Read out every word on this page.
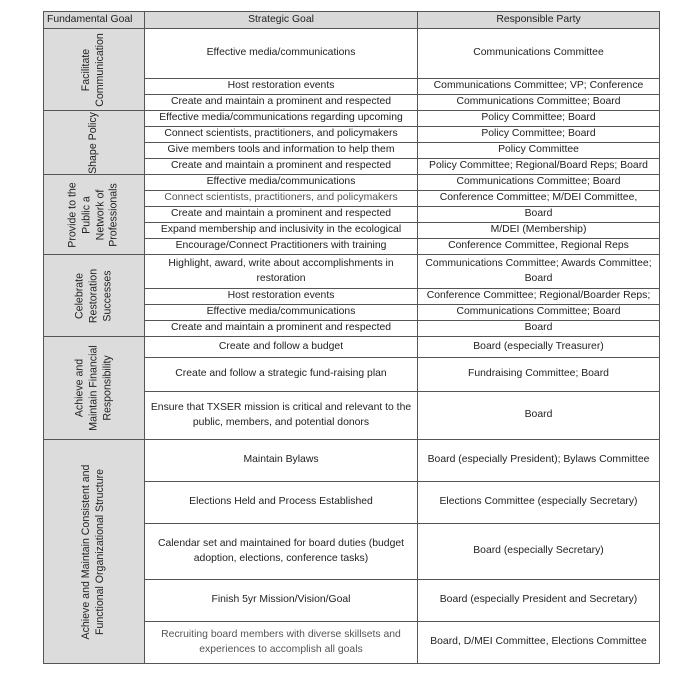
Fundamental Goal	Strategic Goal	Responsible Party

Facilitate Communication	Effective media/communications	Communications Committee
	Host restoration events	Communications Committee; VP; Conference
	Create and maintain a prominent and respected	Communications Committee; Board

Shape Policy	Effective media/communications regarding upcoming	Policy Committee; Board
	Connect scientists, practitioners, and policymakers	Policy Committee; Board
	Give members tools and information to help them	Policy Committee
	Create and maintain a prominent and respected	Policy Committee; Regional/Board Reps; Board

Provide to the Public a Network of Professionals	Effective media/communications	Communications Committee; Board
	Connect scientists, practitioners, and policymakers	Conference Committee; M/DEI Committee,
	Create and maintain a prominent and respected	Board
	Expand membership and inclusivity in the ecological	M/DEI (Membership)
	Encourage/Connect Practitioners with training	Conference Committee, Regional Reps

Celebrate Restoration Successes	Highlight, award, write about accomplishments in restoration	Communications Committee; Awards Committee; Board
	Host restoration events	Conference Committee; Regional/Boarder Reps;
	Effective media/communications	Communications Committee; Board
	Create and maintain a prominent and respected	Board

Achieve and Maintain Financial Responsibility	Create and follow a budget	Board (especially Treasurer)
	Create and follow a strategic fund-raising plan	Fundraising Committee; Board
	Ensure that TXSER mission is critical and relevant to the public, members, and potential donors	Board

Achieve and Maintain Consistent and Functional Organizational Structure	Maintain Bylaws	Board (especially President); Bylaws Committee
	Elections Held and Process Established	Elections Committee (especially Secretary)
	Calendar set and maintained for board duties (budget adoption, elections, conference tasks)	Board (especially Secretary)
	Finish 5yr Mission/Vision/Goal	Board (especially President and Secretary)
	Recruiting board members with diverse skillsets and experiences to accomplish all goals	Board, D/MEI Committee, Elections Committee
